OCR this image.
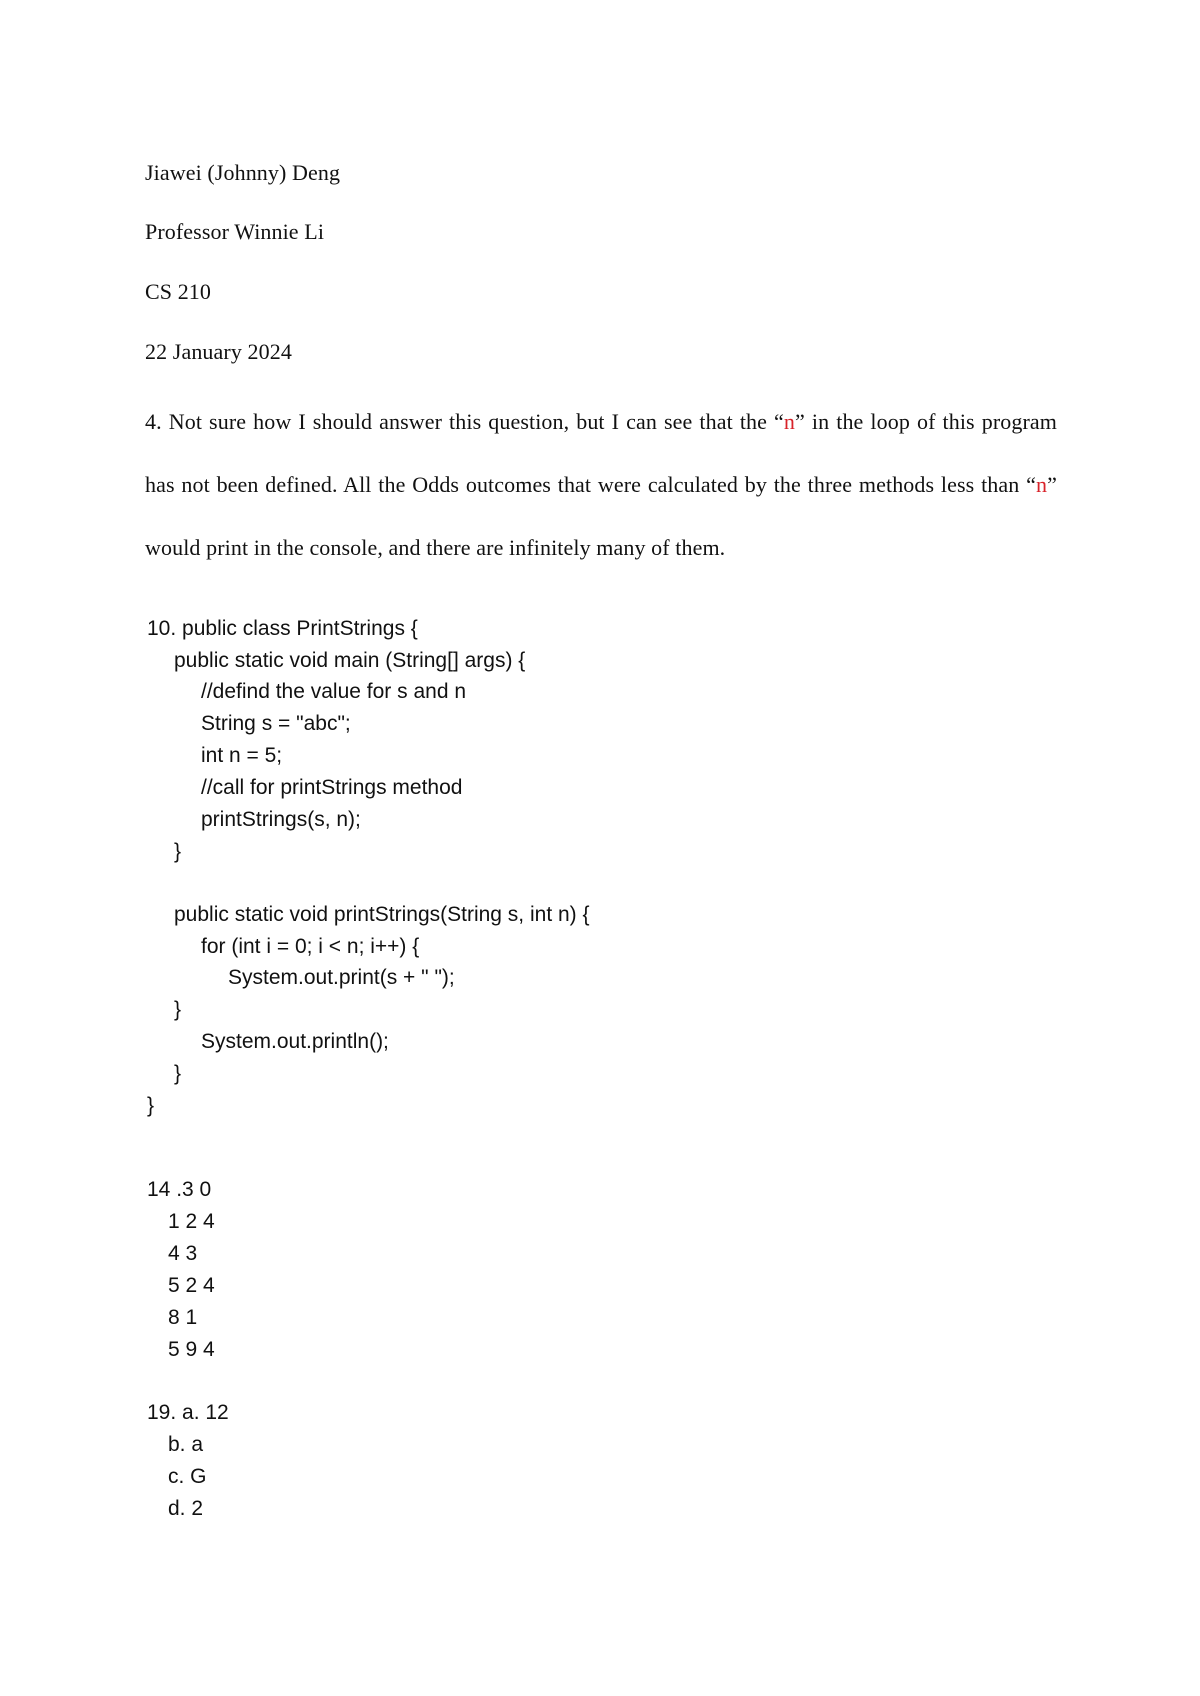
Jiawei (Johnny) Deng

Professor Winnie Li

CS 210

22 January 2024

4. Not sure how I should answer this question, but I can see that the “n” in the loop of this program has not been defined. All the Odds outcomes that were calculated by the three methods less than “n” would print in the console, and there are infinitely many of them.

10. public class PrintStrings {
public static void main (String[] args) {
//defind the value for s and n
String s = "abc";
int n = 5;
//call for printStrings method
printStrings(s, n);
}
public static void printStrings(String s, int n) {
for (int i = 0; i < n; i++) {
System.out.print(s + " ");
}
System.out.println();
}
}
14 .3 0
1 2 4
4 3
5 2 4
8 1
5 9 4
19. a. 12
b. a
c. G
d. 2
